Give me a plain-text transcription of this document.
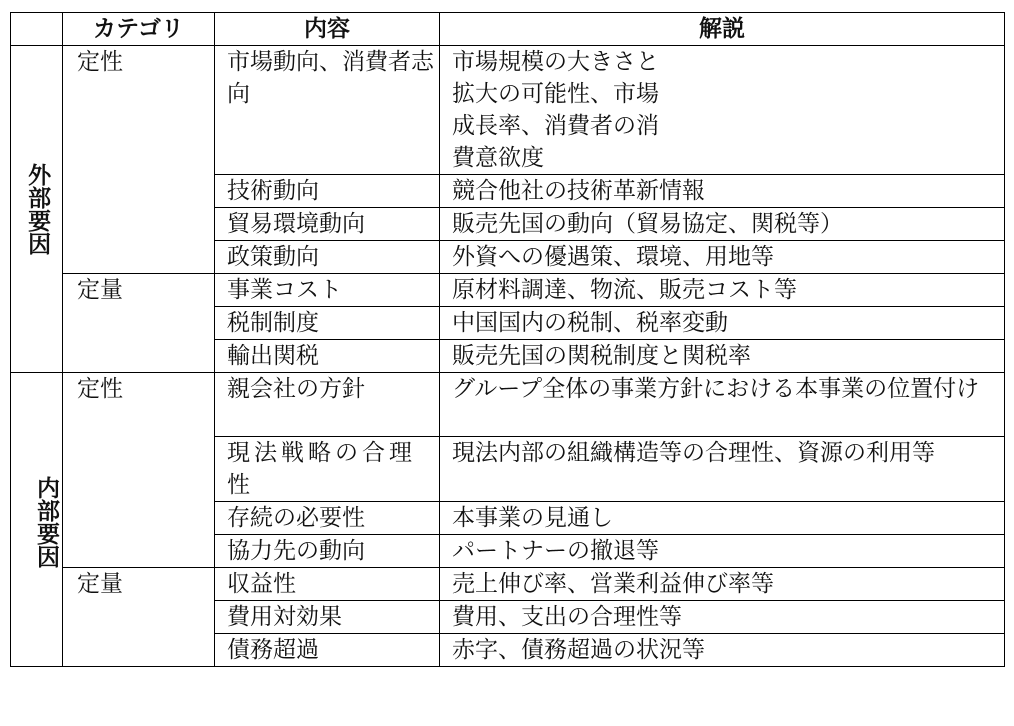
	カテゴリ	内容	解説
外部要因	定性	市場動向、消費者志向	市場規模の大きさと拡大の可能性、市場成長率、消費者の消費意欲度

		技術動向	競合他社の技術革新情報
		貿易環境動向	販売先国の動向（貿易協定、関税等）
		政策動向	外資への優遇策、環境、用地等
	定量	事業コスト	原材料調達、物流、販売コスト等
		税制制度	中国国内の税制、税率変動
		輸出関税	販売先国の関税制度と関税率
内部要因	定性	親会社の方針	グループ全体の事業方針における本事業の位置付け
		現法戦略の合理性	現法内部の組織構造等の合理性、資源の利用等
		存続の必要性	本事業の見通し
		協力先の動向	パートナーの撤退等
	定量	収益性	売上伸び率、営業利益伸び率等
		費用対効果	費用、支出の合理性等
		債務超過	赤字、債務超過の状況等
